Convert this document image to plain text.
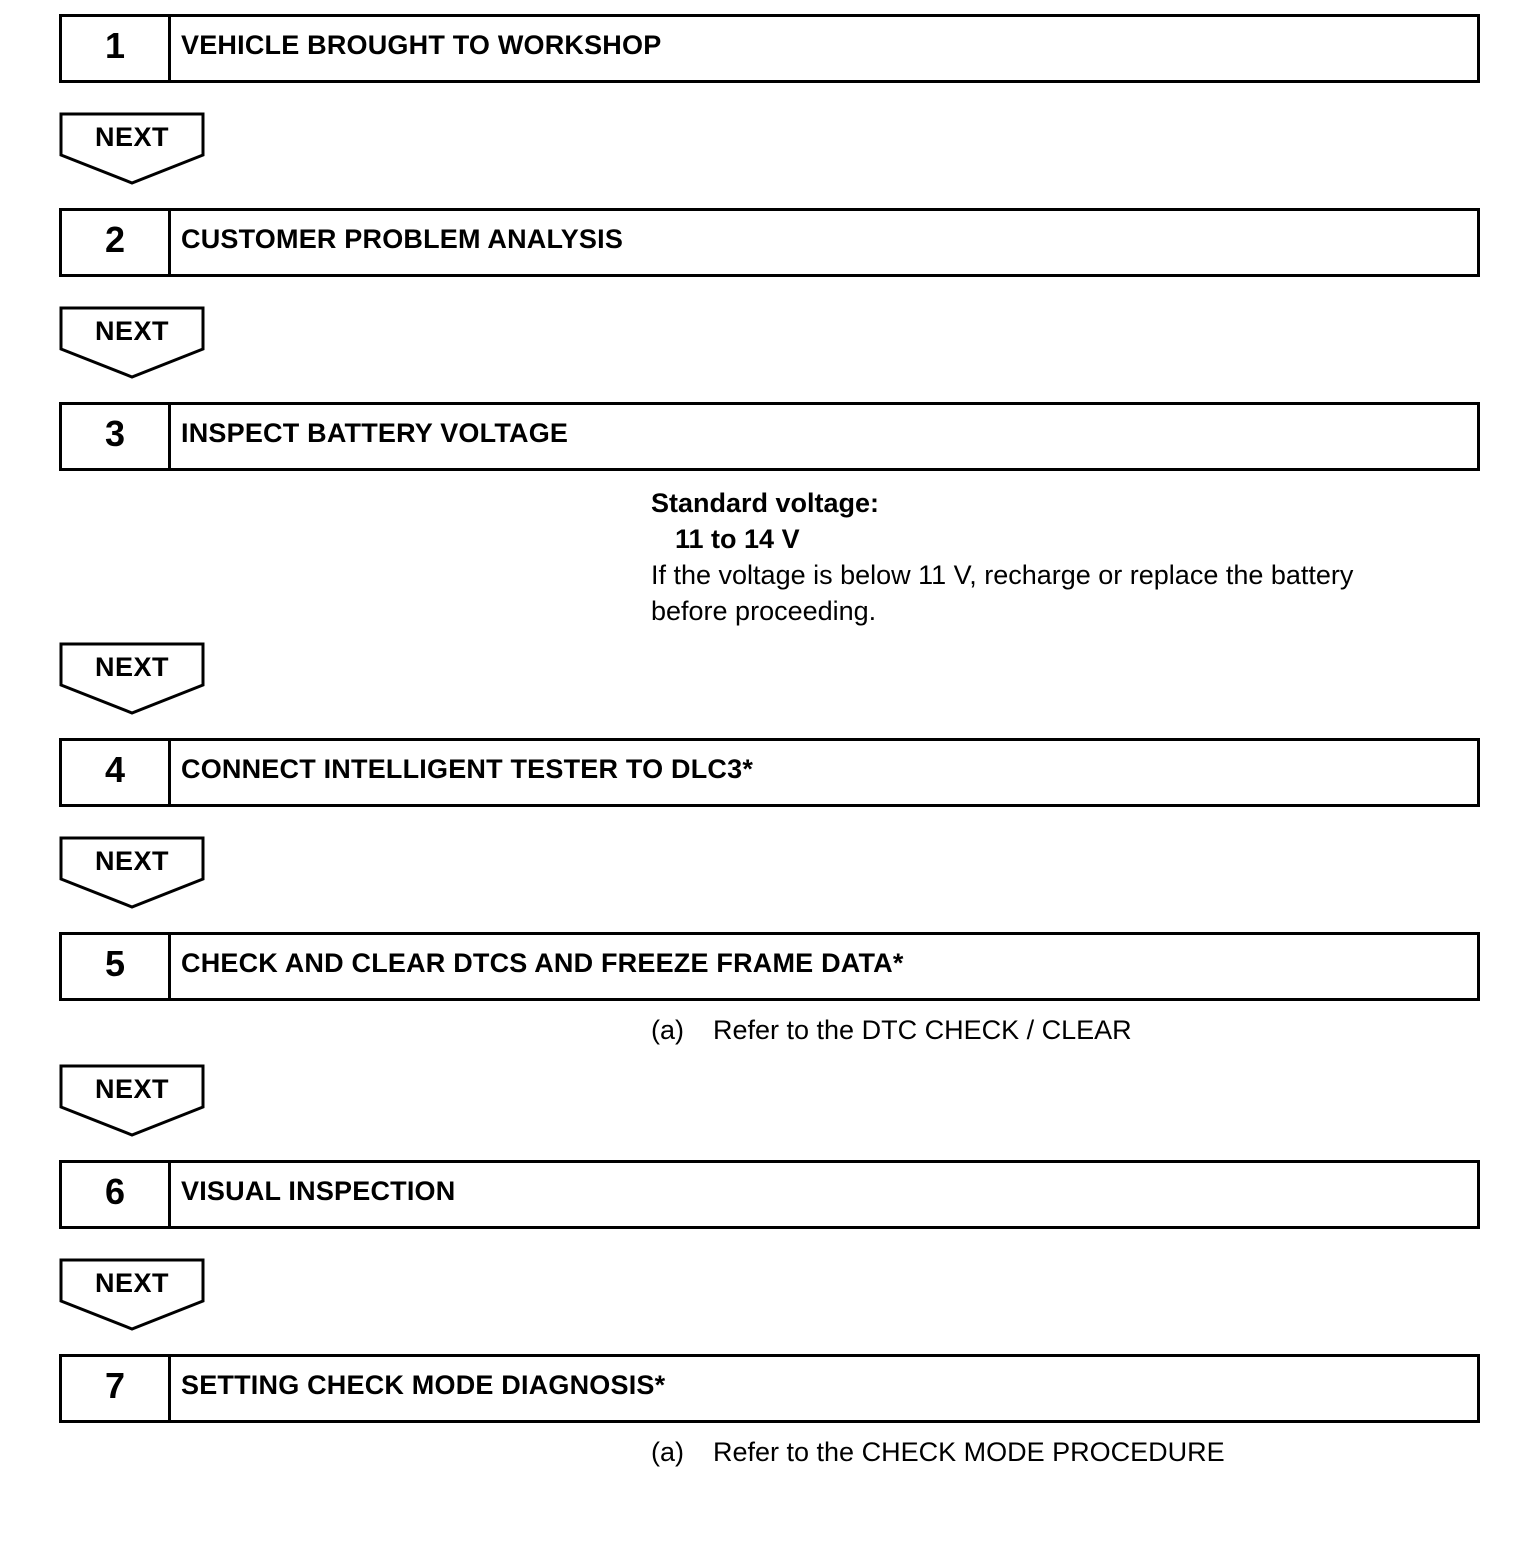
1	VEHICLE BROUGHT TO WORKSHOP
NEXT
2	CUSTOMER PROBLEM ANALYSIS
NEXT
3	INSPECT BATTERY VOLTAGE
Standard voltage:
11 to 14 V
If the voltage is below 11 V, recharge or replace the battery
before proceeding.
NEXT
4	CONNECT INTELLIGENT TESTER TO DLC3*
NEXT
5	CHECK AND CLEAR DTCS AND FREEZE FRAME DATA*
(a)	Refer to the DTC CHECK / CLEAR
NEXT
6	VISUAL INSPECTION
NEXT
7	SETTING CHECK MODE DIAGNOSIS*
(a)	Refer to the CHECK MODE PROCEDURE
